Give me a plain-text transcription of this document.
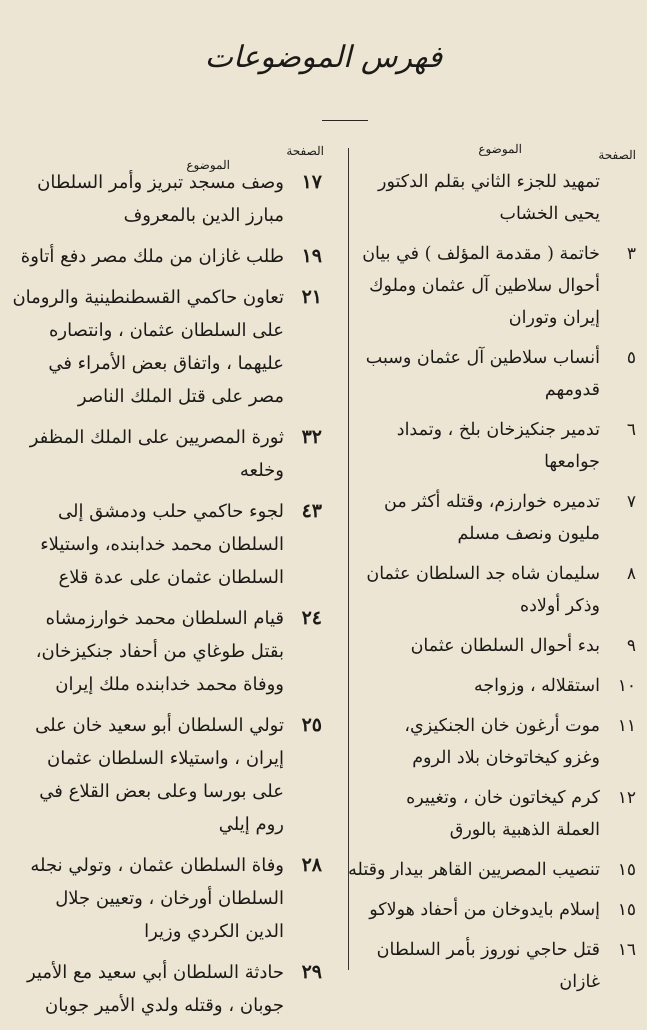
فهرس الموضوعات
الصفحة
الموضوع
تمهيد للجزء الثاني بقلم الدكتور
يحيى الخشاب
٣
خاتمة ( مقدمة المؤلف ) في بيان
أحوال سلاطين آل عثمان وملوك
إيران وتوران
٥
أنساب سلاطين آل عثمان وسبب
قدومهم
٦
تدمير جنكيزخان بلخ ، وتمداد
جوامعها
٧
تدميره خوارزم، وقتله أكثر من
مليون ونصف مسلم
٨
سليمان شاه جد السلطان عثمان
وذكر أولاده
٩
بدء أحوال السلطان عثمان
١٠
استقلاله ، وزواجه
١١
موت أرغون خان الجنكيزي،
وغزو كيخاتوخان بلاد الروم
١٢
كرم كيخاتون خان ، وتغييره
العملة الذهبية بالورق
١٥
تنصيب المصريين القاهر بيدار وقتله
١٥
إسلام بايدوخان من أحفاد هولاكو
١٦
قتل حاجي نوروز بأمر السلطان
غازان
الصفحة
الموضوع
١٧
وصف مسجد تبريز وأمر السلطان
مبارز الدين بالمعروف
١٩
طلب غازان من ملك مصر دفع أتاوة
٢١
تعاون حاكمي القسطنطينية والرومان
على السلطان عثمان ، وانتصاره
عليهما ، واتفاق بعض الأمراء في
مصر على قتل الملك الناصر
٣٢
ثورة المصريين على الملك المظفر
وخلعه
٤٣
لجوء حاكمي حلب ودمشق إلى
السلطان محمد خدابنده، واستيلاء
السلطان عثمان على عدة قلاع
٢٤
قيام السلطان محمد خوارزمشاه
بقتل طوغاي من أحفاد جنكيزخان،
ووفاة محمد خدابنده ملك إيران
٢٥
تولي السلطان أبو سعيد خان على
إيران ، واستيلاء السلطان عثمان
على بورسا وعلى بعض القلاع في
روم إيلي
٢٨
وفاة السلطان عثمان ، وتولي نجله
السلطان أورخان ، وتعيين جلال
الدين الكردي وزيرا
٢٩
حادثة السلطان أبي سعيد مع الأمير
جوبان ، وقتله ولدي الأمير جوبان
